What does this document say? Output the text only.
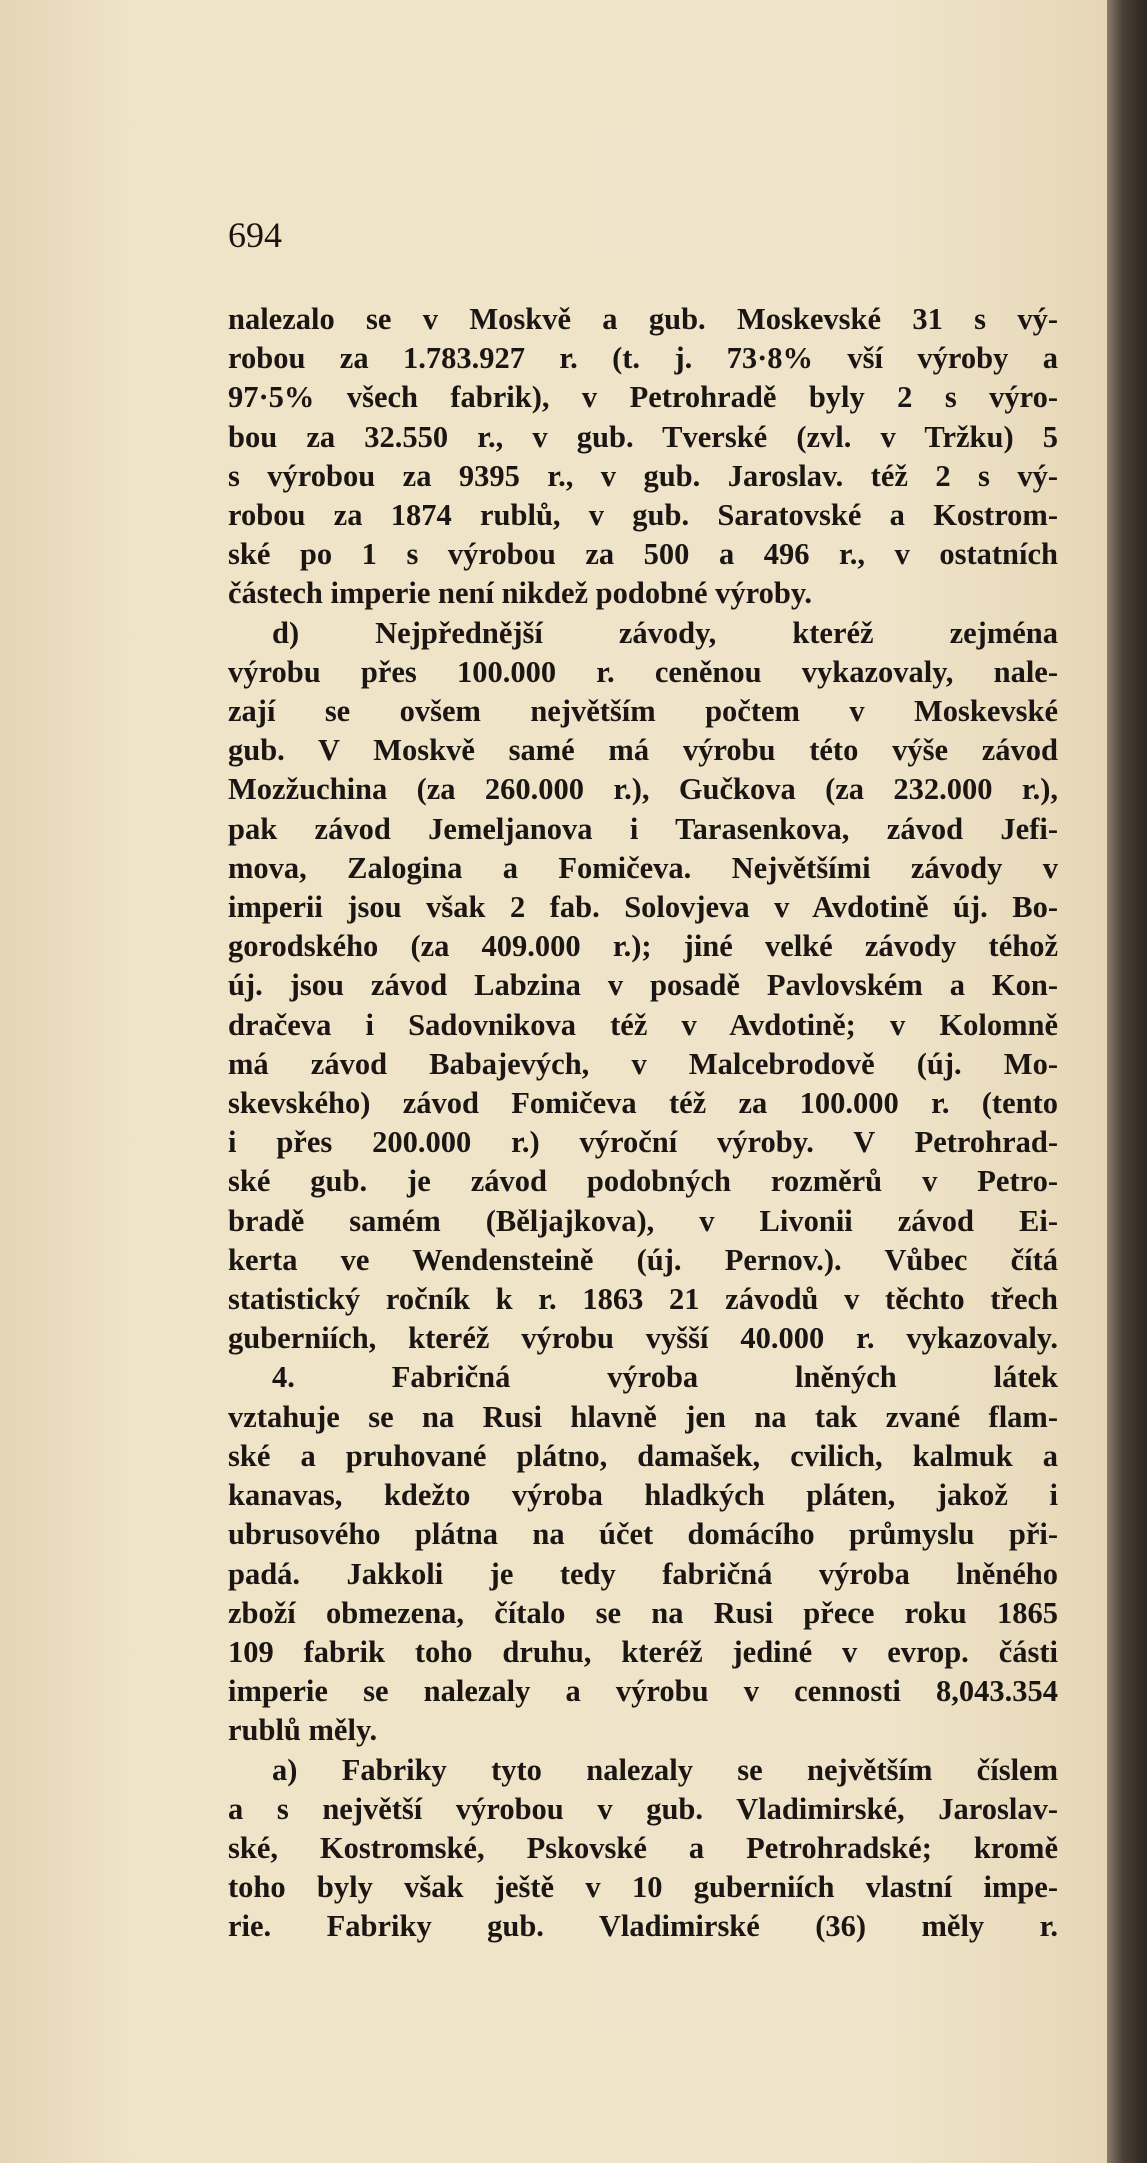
694
nalezalo se v Moskvě a gub. Moskevské 31 s vý-
robou za 1.783.927 r. (t. j. 73·8% vší výroby a
97·5% všech fabrik), v Petrohradě byly 2 s výro-
bou za 32.550 r., v gub. Tverské (zvl. v Tržku) 5
s výrobou za 9395 r., v gub. Jaroslav. též 2 s vý-
robou za 1874 rublů, v gub. Saratovské a Kostrom-
ské po 1 s výrobou za 500 a 496 r., v ostatních
částech imperie není nikdež podobné výroby.
d) Nejpřednější závody, kteréž zejména
výrobu přes 100.000 r. ceněnou vykazovaly, nale-
zají se ovšem největším počtem v Moskevské
gub. V Moskvě samé má výrobu této výše závod
Mozžuchina (za 260.000 r.), Gučkova (za 232.000 r.),
pak závod Jemeljanova i Tarasenkova, závod Jefi-
mova, Zalogina a Fomičeva. Největšími závody v
imperii jsou však 2 fab. Solovjeva v Avdotině új. Bo-
gorodského (za 409.000 r.); jiné velké závody téhož
új. jsou závod Labzina v posadě Pavlovském a Kon-
dračeva i Sadovnikova též v Avdotině; v Kolomně
má závod Babajevých, v Malcebrodově (új. Mo-
skevského) závod Fomičeva též za 100.000 r. (tento
i přes 200.000 r.) výroční výroby. V Petrohrad-
ské gub. je závod podobných rozměrů v Petro-
bradě samém (Běljajkova), v Livonii závod Ei-
kerta ve Wendensteině (új. Pernov.). Vůbec čítá
statistický ročník k r. 1863 21 závodů v těchto třech
guberniích, kteréž výrobu vyšší 40.000 r. vykazovaly.
4. Fabričná výroba lněných látek
vztahuje se na Rusi hlavně jen na tak zvané flam-
ské a pruhované plátno, damašek, cvilich, kalmuk a
kanavas, kdežto výroba hladkých pláten, jakož i
ubrusového plátna na účet domácího průmyslu při-
padá. Jakkoli je tedy fabričná výroba lněného
zboží obmezena, čítalo se na Rusi přece roku 1865
109 fabrik toho druhu, kteréž jediné v evrop. části
imperie se nalezaly a výrobu v cennosti 8,043.354
rublů měly.
a) Fabriky tyto nalezaly se největším číslem
a s největší výrobou v gub. Vladimirské, Jaroslav-
ské, Kostromské, Pskovské a Petrohradské; kromě
toho byly však ještě v 10 guberniích vlastní impe-
rie. Fabriky gub. Vladimirské (36) měly r.
